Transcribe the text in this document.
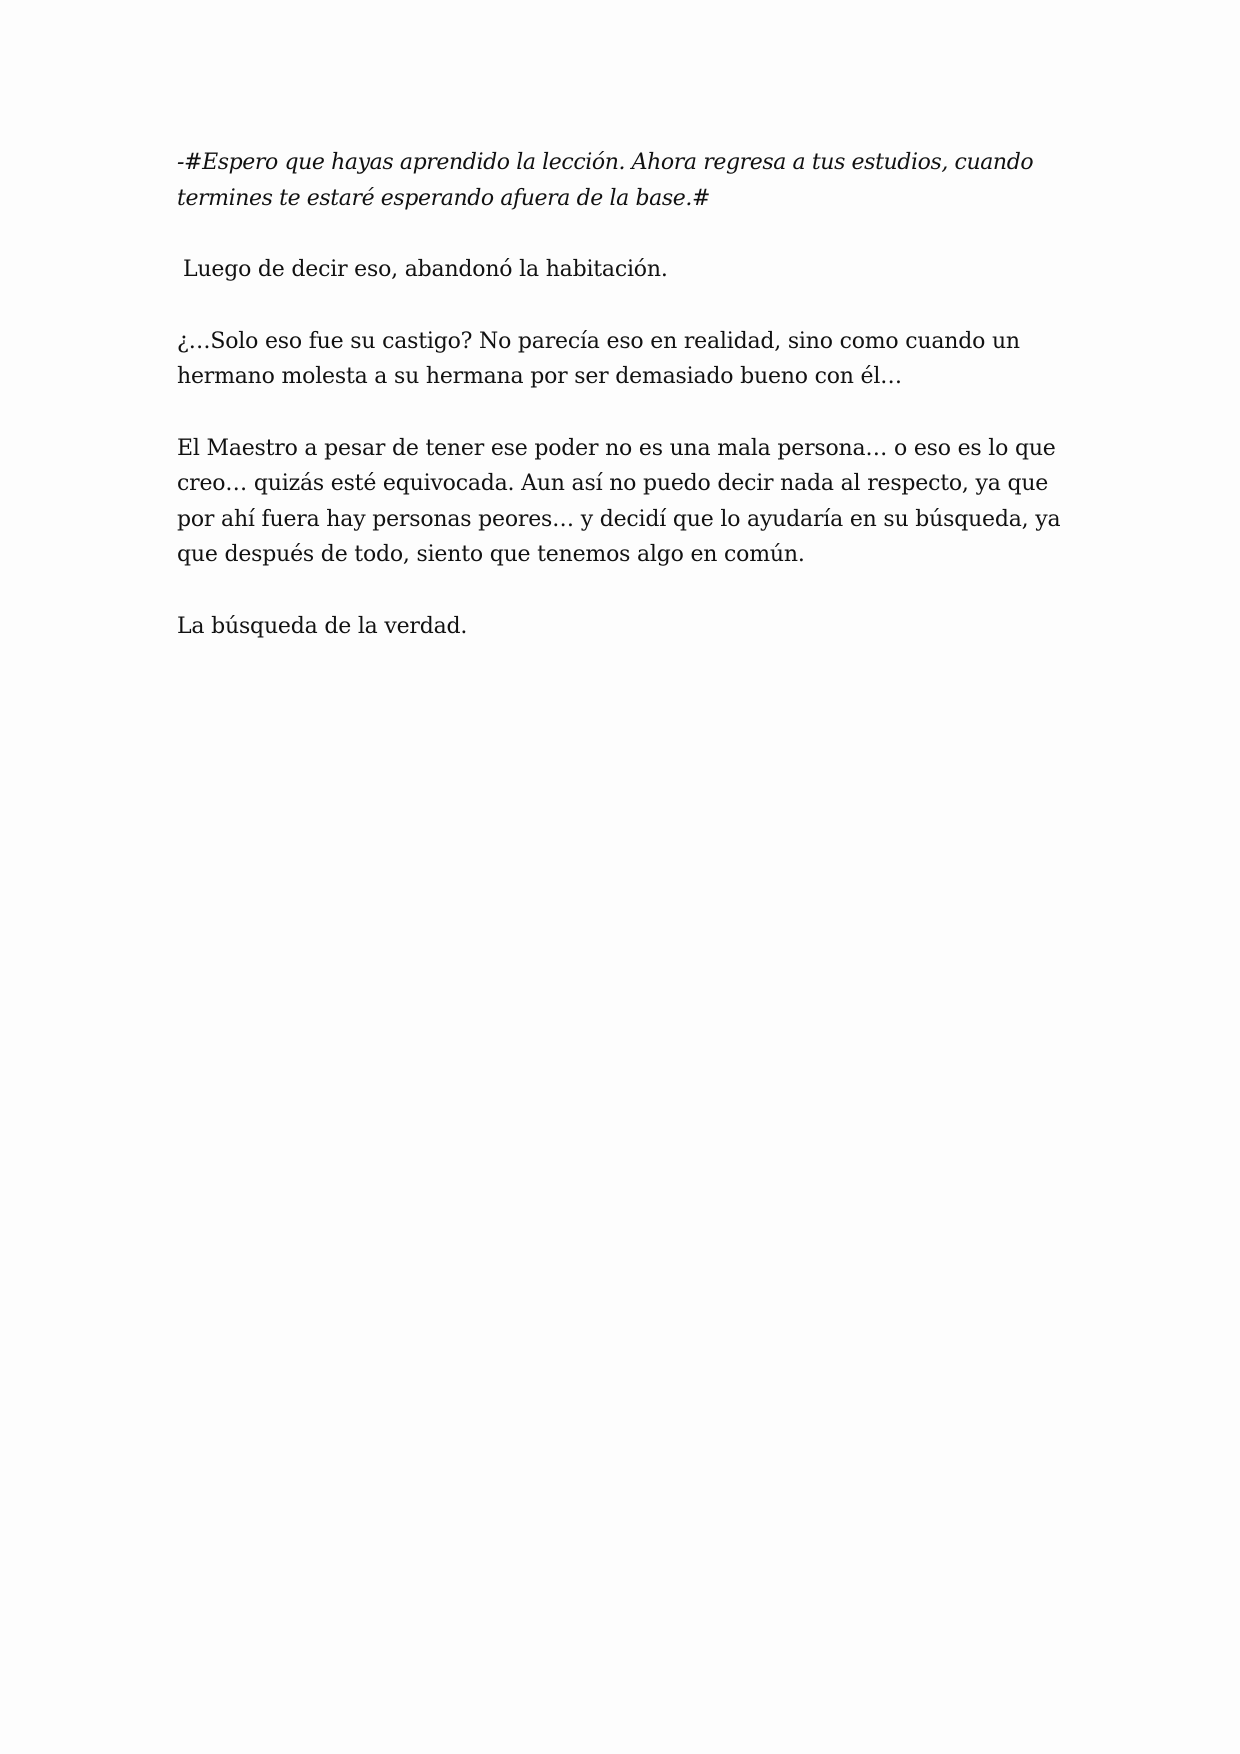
-#Espero que hayas aprendido la lección. Ahora regresa a tus estudios, cuando termines te estaré esperando afuera de la base.#

Luego de decir eso, abandonó la habitación.

¿…Solo eso fue su castigo? No parecía eso en realidad, sino como cuando un hermano molesta a su hermana por ser demasiado bueno con él…

El Maestro a pesar de tener ese poder no es una mala persona… o eso es lo que creo… quizás esté equivocada. Aun así no puedo decir nada al respecto, ya que por ahí fuera hay personas peores… y decidí que lo ayudaría en su búsqueda, ya que después de todo, siento que tenemos algo en común.

La búsqueda de la verdad.
